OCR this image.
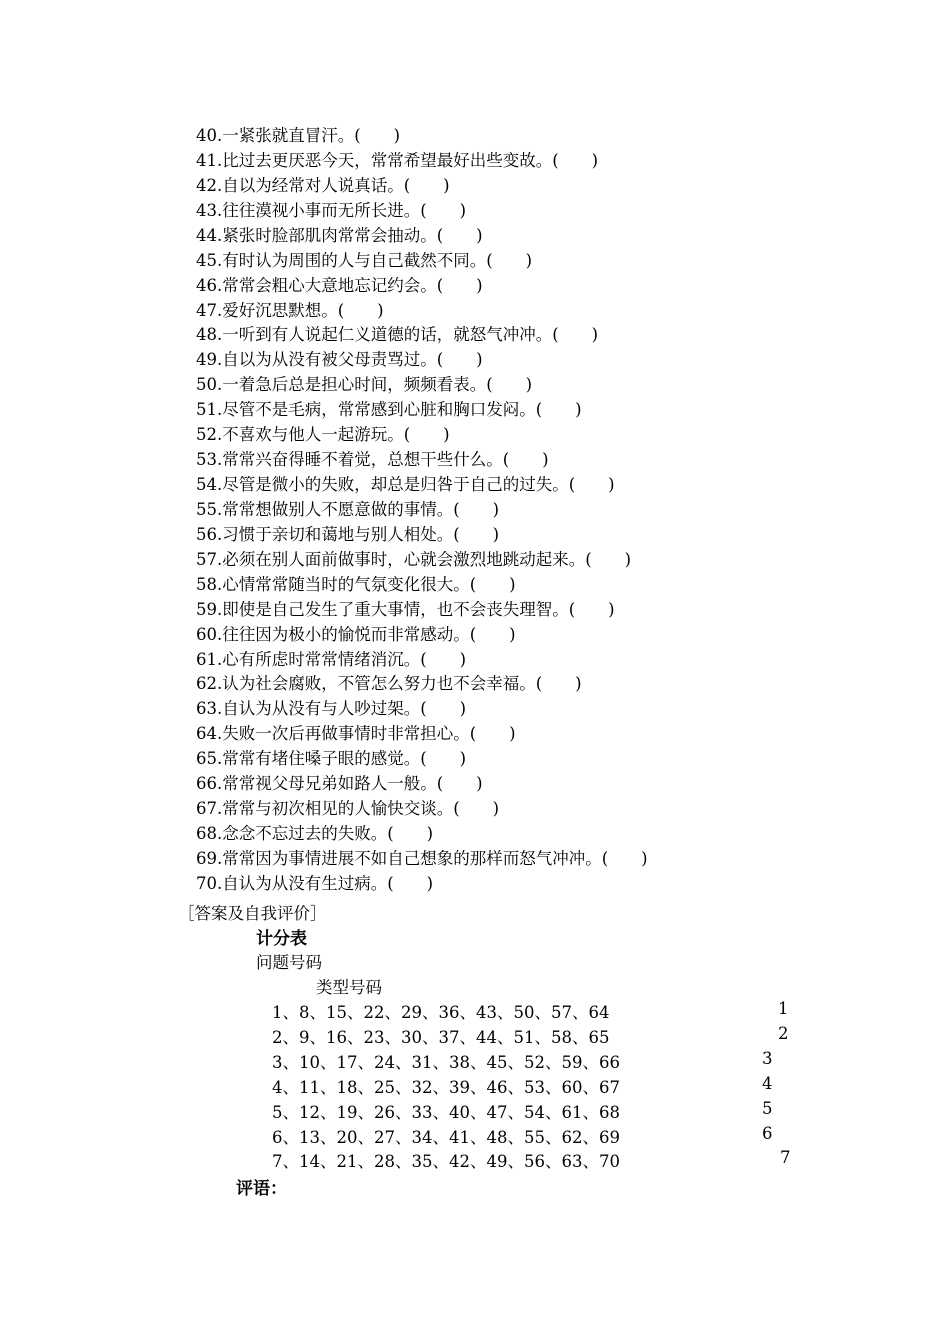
40.一紧张就直冒汗。(　　)
41.比过去更厌恶今天，常常希望最好出些变故。(　　)
42.自以为经常对人说真话。(　　)
43.往往漠视小事而无所长进。(　　)
44.紧张时脸部肌肉常常会抽动。(　　)
45.有时认为周围的人与自己截然不同。(　　)
46.常常会粗心大意地忘记约会。(　　)
47.爱好沉思默想。(　　)
48.一听到有人说起仁义道德的话，就怒气冲冲。(　　)
49.自以为从没有被父母责骂过。(　　)
50.一着急后总是担心时间，频频看表。(　　)
51.尽管不是毛病，常常感到心脏和胸口发闷。(　　)
52.不喜欢与他人一起游玩。(　　)
53.常常兴奋得睡不着觉，总想干些什么。(　　)
54.尽管是微小的失败，却总是归咎于自己的过失。(　　)
55.常常想做别人不愿意做的事情。(　　)
56.习惯于亲切和蔼地与别人相处。(　　)
57.必须在别人面前做事时，心就会激烈地跳动起来。(　　)
58.心情常常随当时的气氛变化很大。(　　)
59.即使是自己发生了重大事情，也不会丧失理智。(　　)
60.往往因为极小的愉悦而非常感动。(　　)
61.心有所虑时常常情绪消沉。(　　)
62.认为社会腐败，不管怎么努力也不会幸福。(　　)
63.自认为从没有与人吵过架。(　　)
64.失败一次后再做事情时非常担心。(　　)
65.常常有堵住嗓子眼的感觉。(　　)
66.常常视父母兄弟如路人一般。(　　)
67.常常与初次相见的人愉快交谈。(　　)
68.念念不忘过去的失败。(　　)
69.常常因为事情进展不如自己想象的那样而怒气冲冲。(　　)
70.自认为从没有生过病。(　　)
［答案及自我评价］
计分表
问题号码
类型号码
1、8、15、22、29、36、43、50、57、64	1
2、9、16、23、30、37、44、51、58、65	2
3、10、17、24、31、38、45、52、59、66	3
4、11、18、25、32、39、46、53、60、67	4
5、12、19、26、33、40、47、54、61、68	5
6、13、20、27、34、41、48、55、62、69	6
7、14、21、28、35、42、49、56、63、70	7
评语：
